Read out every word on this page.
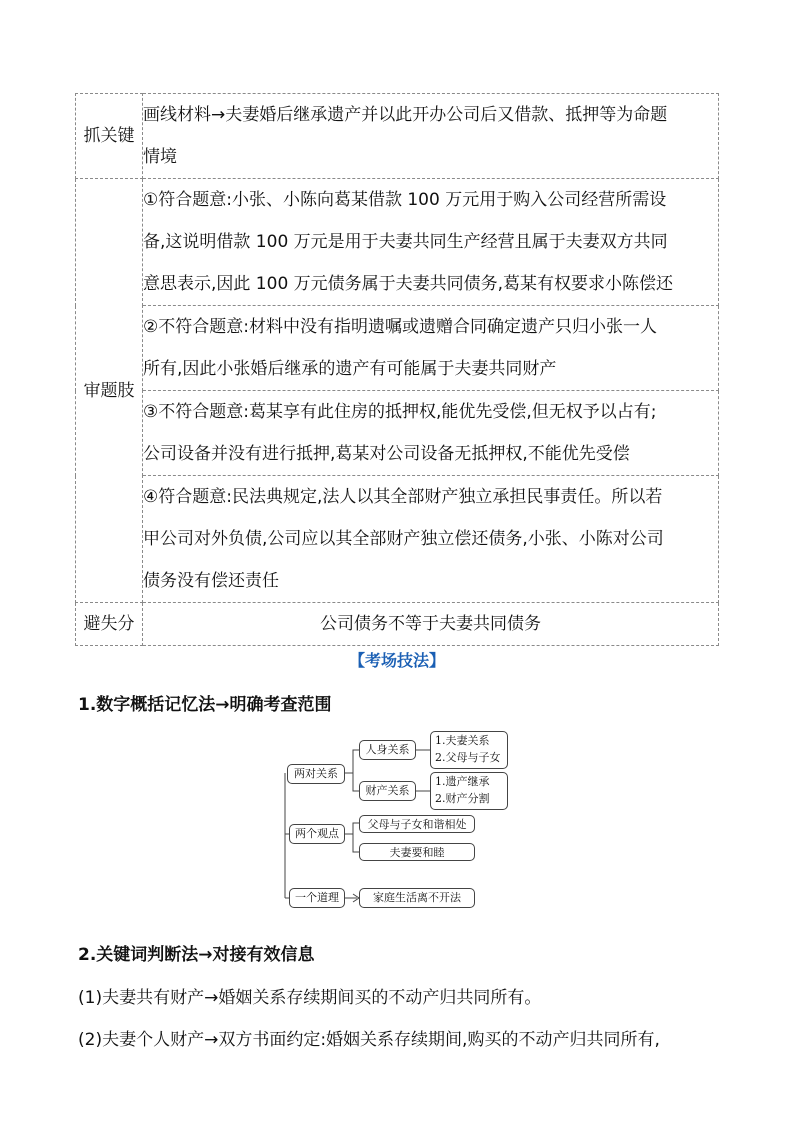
抓关键	画线材料→夫妻婚后继承遗产并以此开办公司后又借款、抵押等为命题
情境

审题肢	①符合题意:小张、小陈向葛某借款 100 万元用于购入公司经营所需设
备,这说明借款 100 万元是用于夫妻共同生产经营且属于夫妻双方共同
意思表示,因此 100 万元债务属于夫妻共同债务,葛某有权要求小陈偿还

	②不符合题意:材料中没有指明遗嘱或遗赠合同确定遗产只归小张一人
所有,因此小张婚后继承的遗产有可能属于夫妻共同财产

	③不符合题意:葛某享有此住房的抵押权,能优先受偿,但无权予以占有;
公司设备并没有进行抵押,葛某对公司设备无抵押权,不能优先受偿

	④符合题意:民法典规定,法人以其全部财产独立承担民事责任。所以若
甲公司对外负债,公司应以其全部财产独立偿还债务,小张、小陈对公司
债务没有偿还责任

避失分	公司债务不等于夫妻共同债务
【考场技法】
1.数字概括记忆法→明确考查范围
两对关系
人身关系
1.夫妻关系
2.父母与子女
财产关系
1.遗产继承
2.财产分割
两个观点
父母与子女和谐相处
夫妻要和睦
一个道理	家庭生活离不开法
2.关键词判断法→对接有效信息
(1)夫妻共有财产→婚姻关系存续期间买的不动产归共同所有。
(2)夫妻个人财产→双方书面约定:婚姻关系存续期间,购买的不动产归共同所有,
